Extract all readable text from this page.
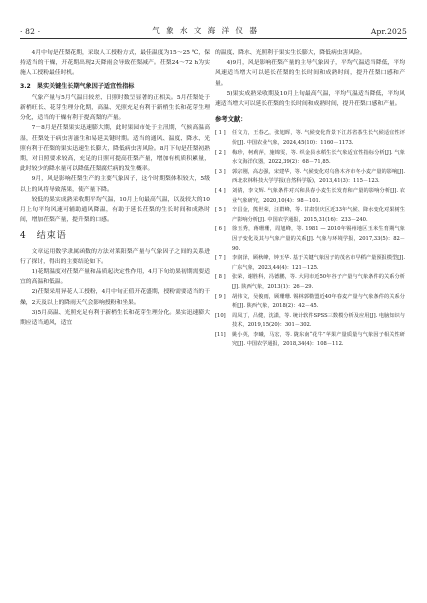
· 82 ·	气 象 水 文 海 洋 仪 器	Apr.2025

4月中旬是茌梨花期，采取人工授粉方式，最佳温度为15～25 ℃，保持适当的干燥，开花期出现2天降雨会导致茌梨减产。茌梨24～72 h为实施人工授粉最佳时机。

3.2　果实关键生长期气象因子适宜性指标

气象产量与5月气温日较差、日照时数呈显著的正相关。5月茌梨处于新梢旺长、花芽生理分化期，高温、光照充足有利于新梢生长和花芽生理分化，适当的干燥有利于提高梨的产量。

7－8月是茌梨果实迅速膨大期，此时果园市处于主汛期，气候高温高湿，茌梨处于病虫害滋生和易延关键时期。适当的通风、温度、降水、光照有利于茌梨的果实迅速生长膨大，降低病虫害风险。8月下旬是茌梨初熟期，对日照要求较高，充足的日照可提高茌梨产量，增加有机质积累量，此时较少的降水量可以降低茌梨腐烂病的发生概率。

9月，风是影响茌梨生产的主要气象因子，这个时期梨体积较大，5级以上的风将导致落果，使产量下降。

较低的果实成熟采收期平均气温，10月上旬最高气温，以及较大的10月上旬平均风速可辅助通风降温，有助于延长茌梨的生长时间和成熟时间，增加茌梨产量，提升梨的口感。

4　结束语

文章运用数学隶属函数的方法对莱阳梨产量与气象因子之间的关系进行了探讨，得出的主要结论如下。

1)花期温度对茌梨产量和品质起决定性作用，4月下旬幼果初期需要适宜的高温和低温。

2)茌梨采用异花人工授粉，4月中旬正值开花盛期，授粉需要适当的干燥，2天及以上的降雨天气会影响授粉和坐果。

3)5月高温、光照充足有利于新梢生长和花芽生理分化。果实迅速膨大期应适当通风，适宜

的温度、降水、光照利于果实生长膨大，降低病虫害风险。

4)9月，风是影响茌梨产量的主导气象因子，平均气温适当降低，平均风速适当增大可以延长茌梨的生长时间和成熟时间，提升茌梨口感和产量。

5)果实成熟采收期及10月上旬最高气温，平均气温适当降低，平均风速适当增大可以延长茌梨的生长时间和成熟时间，提升茌梨口感和产量。

参考文献：
[ 1 ]	任文力，王春乙，张旭晖，等. 气候变化背景下江苏省茶生长气候适宜性评价[J]. 中国农业气象，2024,45(10)：1160－1173.
[ 2 ]	梅珍，柯莉萍，施锦雯，等. 织金县水稻生长气象适宜性指标分析[J]. 气象水文海洋仪器，2022,39(2)：68－71,85.
[ 3 ]	郭宗刚，高志强，宋建华，等. 气候变化对乌鲁木齐市冬小麦产量的影响[J]. 西北农林科技大学学报(自然科学版)，2013,41(3)：115－123.
[ 4 ]	刘倩，李文辉. 气象条件对兴和县春小麦生长发育和产量的影响分析[J]. 农业气象研究，2020,10(4)：98－101.
[ 5 ]	辛昌金，熊世荣，汪群峰，等. 甘肃崇庆区近33年气候、降水变化对果树生产影响分析[J]. 中国农学通报，2015,31(16)：233－240.
[ 6 ]	徐玉秀，蒋珊珊，周旭峰，等. 1981 — 2010年锡州地区玉米生育期气象因子变化及其与气象产量的关系[J]. 气象与环境学报，2017,33(5)：82－90.
[ 7 ]	李润泽，顾秋峰，钟玉华. 基于关键气象因子的茂名市早稻产量预报模型[J]. 广东气象，2023,44(4)：121－125.
[ 8 ]	张荣，谢胜科，冯德鹏，等. 大同市近50年谷子产量与气象条件的关系分析[J]. 陕西气象，2013(1)：26－29.
[ 9 ]	胡伟文，吴俊雨，顾珊珊. 锡林郭勒盟近40年春麦产量与气象条件的关系分析[J]. 陕西气象，2018(2)：42－45.
[10]	周凤丁，吕健，沈潇，等. 统计软件SPSS三数模分析及应用[J]. 电脑知识与技术，2019,15(20)：301－302.
[11]	姚小英，李曦，马宏，等. 陇东南“花牛”苹果产量质量与气象因子相关性研究[J]. 中国农学通报，2018,34(4)：108－112.
